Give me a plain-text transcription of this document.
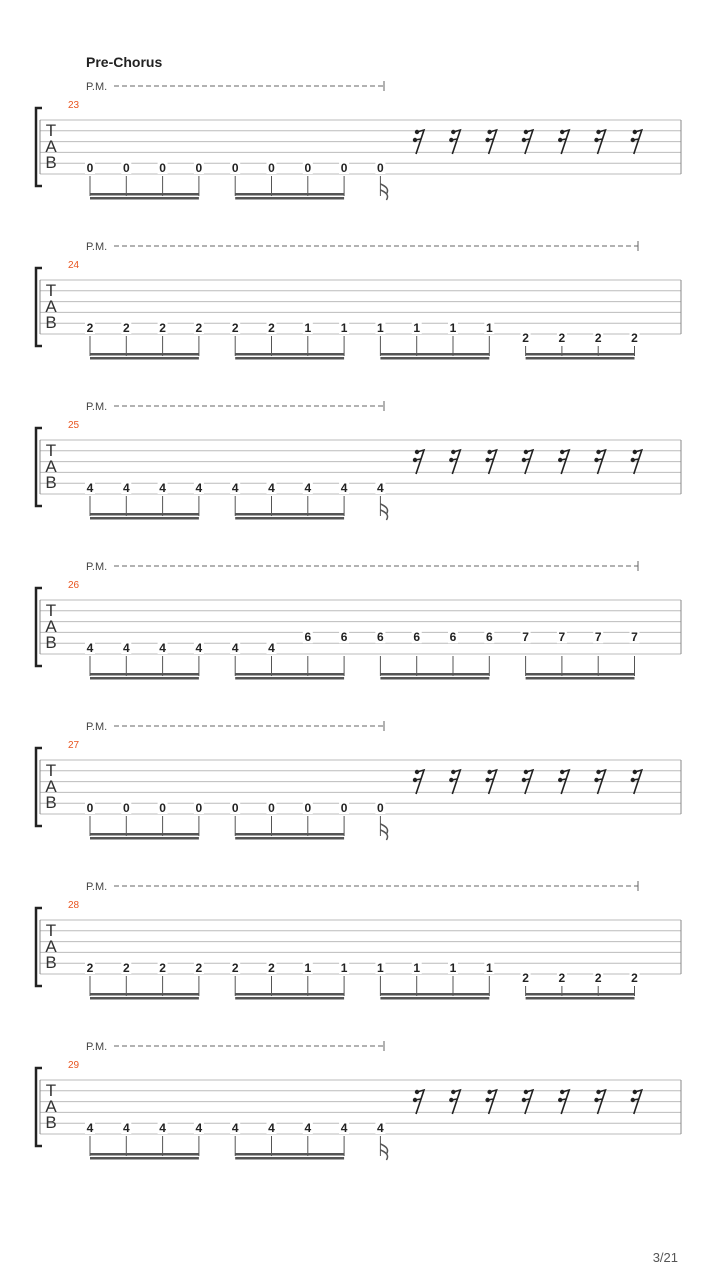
Pre-Chorus
P.M.
23
T
A
B 0 0 0 0 0 0 0 0 0
P.M.
24
T
A
B 2 2 2 2 2 2 1 1 1 1 1 1
2 2 2 2
P.M.
25
T
A
B 4 4 4 4 4 4 4 4 4
P.M.
26
T
A
B 4 4 4 4 4 4
6 6 6 6 6 6 7 7 7 7
P.M.
27
T
A
B 0 0 0 0 0 0 0 0 0
P.M.
28
T
A
B 2 2 2 2 2 2 1 1 1 1 1 1
2 2 2 2
P.M.
29
T
A
B 4 4 4 4 4 4 4 4 4
3/21
